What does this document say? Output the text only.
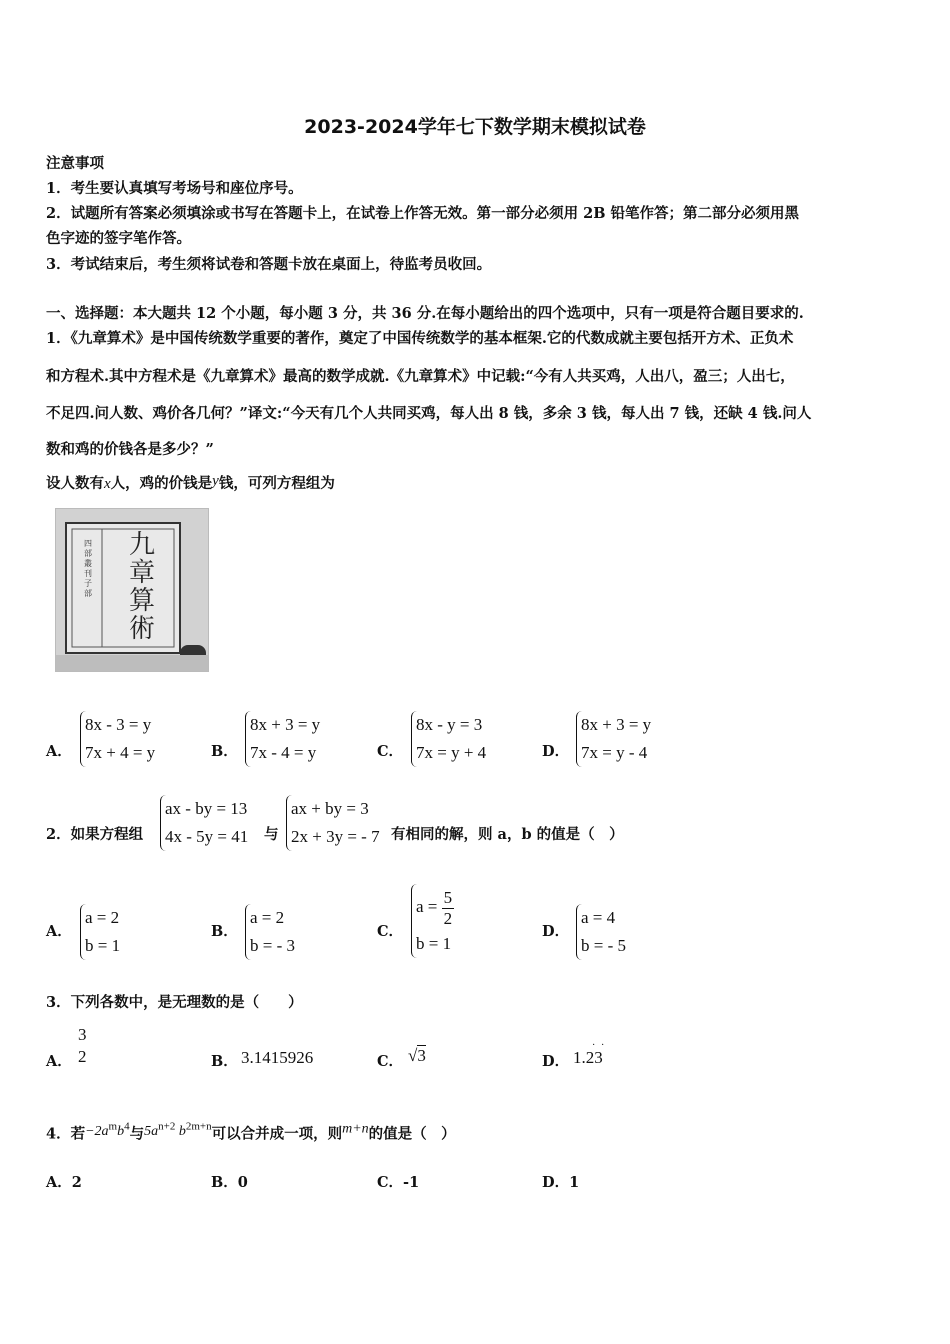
2023-2024学年七下数学期末模拟试卷
注意事项
1．考生要认真填写考场号和座位序号。
2．试题所有答案必须填涂或书写在答题卡上，在试卷上作答无效。第一部分必须用 2B 铅笔作答；第二部分必须用黑
色字迹的签字笔作答。
3．考试结束后，考生须将试卷和答题卡放在桌面上，待监考员收回。
一、选择题：本大题共 12 个小题，每小题 3 分，共 36 分.在每小题给出的四个选项中，只有一项是符合题目要求的.
1．《九章算术》是中国传统数学重要的著作，奠定了中国传统数学的基本框架.它的代数成就主要包括开方术、正负术
和方程术.其中方程术是《九章算术》最高的数学成就.《九章算术》中记载:“今有人共买鸡，人出八，盈三；人出七，
不足四.问人数、鸡价各几何？”译文:“今天有几个人共同买鸡，每人出 8 钱，多余 3 钱，每人出 7 钱，还缺 4 钱.问人
数和鸡的价钱各是多少？”
设人数有x人，鸡的价钱是y钱，可列方程组为
九章算術
四部叢刊子部
A．
8x - 3 = y
7x + 4 = y	B．
8x + 3 = y
7x - 4 = y	C．
8x - y = 3
7x = y + 4	D．
8x + 3 = y
7x = y - 4
2．如果方程组
ax - by = 13
4x - 5y = 41 与
ax + by = 3
2x + 3y = - 7 有相同的解，则 a，b 的值是（　）
A．
a = 2
b = 1
B．
a = 2
b = - 3
C．
$a = \frac{5}{2}$
b = 1
D．
a = 4
b = - 5
3．下列各数中，是无理数的是（　　）
A．
3
2	B． 3.1415926	C． √3	D． 1.23
· ·
4．若$-2a^mb^4$与$5a^{n+2}$ $b^{2m+n}$可以合并成一项，则m+n的值是（　）
A．2	B．0	C．-1	D．1
